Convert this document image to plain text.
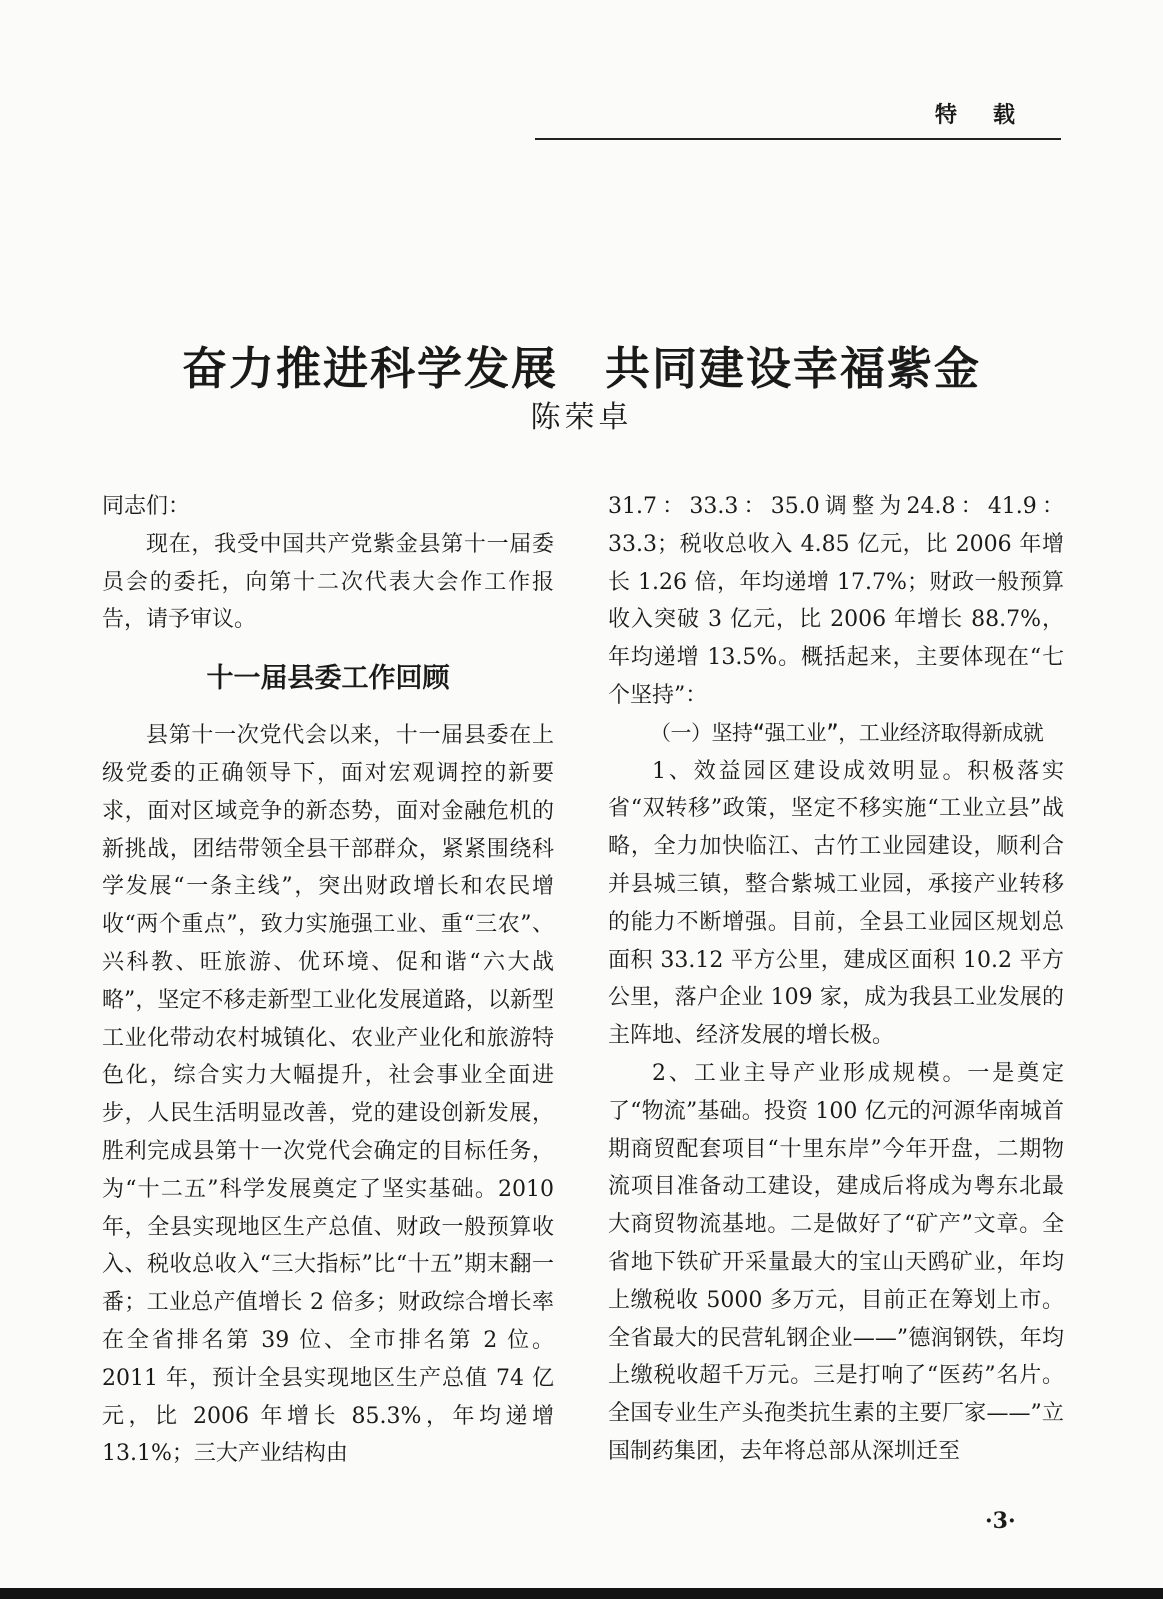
特载
奋力推进科学发展　共同建设幸福紫金
陈荣卓

同志们：

现在，我受中国共产党紫金县第十一届委员会的委托，向第十二次代表大会作工作报告，请予审议。

十一届县委工作回顾

县第十一次党代会以来，十一届县委在上级党委的正确领导下，面对宏观调控的新要求，面对区域竞争的新态势，面对金融危机的新挑战，团结带领全县干部群众，紧紧围绕科学发展“一条主线”，突出财政增长和农民增收“两个重点”，致力实施强工业、重“三农”、兴科教、旺旅游、优环境、促和谐“六大战略”，坚定不移走新型工业化发展道路，以新型工业化带动农村城镇化、农业产业化和旅游特色化，综合实力大幅提升，社会事业全面进步，人民生活明显改善，党的建设创新发展，胜利完成县第十一次党代会确定的目标任务，为“十二五”科学发展奠定了坚实基础。2010 年，全县实现地区生产总值、财政一般预算收入、税收总收入“三大指标”比“十五”期末翻一番；工业总产值增长 2 倍多；财政综合增长率在全省排名第 39 位、全市排名第 2 位。2011 年，预计全县实现地区生产总值 74 亿元，比 2006 年增长 85.3%，年均递增 13.1%；三大产业结构由

31.7：33.3：35.0调整为24.8：41.9：33.3；税收总收入 4.85 亿元，比 2006 年增长 1.26 倍，年均递增 17.7%；财政一般预算收入突破 3 亿元，比 2006 年增长 88.7%，年均递增 13.5%。概括起来，主要体现在“七个坚持”：

（一）坚持“强工业”，工业经济取得新成就

1、效益园区建设成效明显。积极落实省“双转移”政策，坚定不移实施“工业立县”战略，全力加快临江、古竹工业园建设，顺利合并县城三镇，整合紫城工业园，承接产业转移的能力不断增强。目前，全县工业园区规划总面积 33.12 平方公里，建成区面积 10.2 平方公里，落户企业 109 家，成为我县工业发展的主阵地、经济发展的增长极。

2、工业主导产业形成规模。一是奠定了“物流”基础。投资 100 亿元的河源华南城首期商贸配套项目“十里东岸”今年开盘，二期物流项目准备动工建设，建成后将成为粤东北最大商贸物流基地。二是做好了“矿产”文章。全省地下铁矿开采量最大的宝山天鸥矿业，年均上缴税收 5000 多万元，目前正在筹划上市。全省最大的民营轧钢企业——”德润钢铁，年均上缴税收超千万元。三是打响了“医药”名片。全国专业生产头孢类抗生素的主要厂家——”立国制药集团，去年将总部从深圳迁至

·3·
